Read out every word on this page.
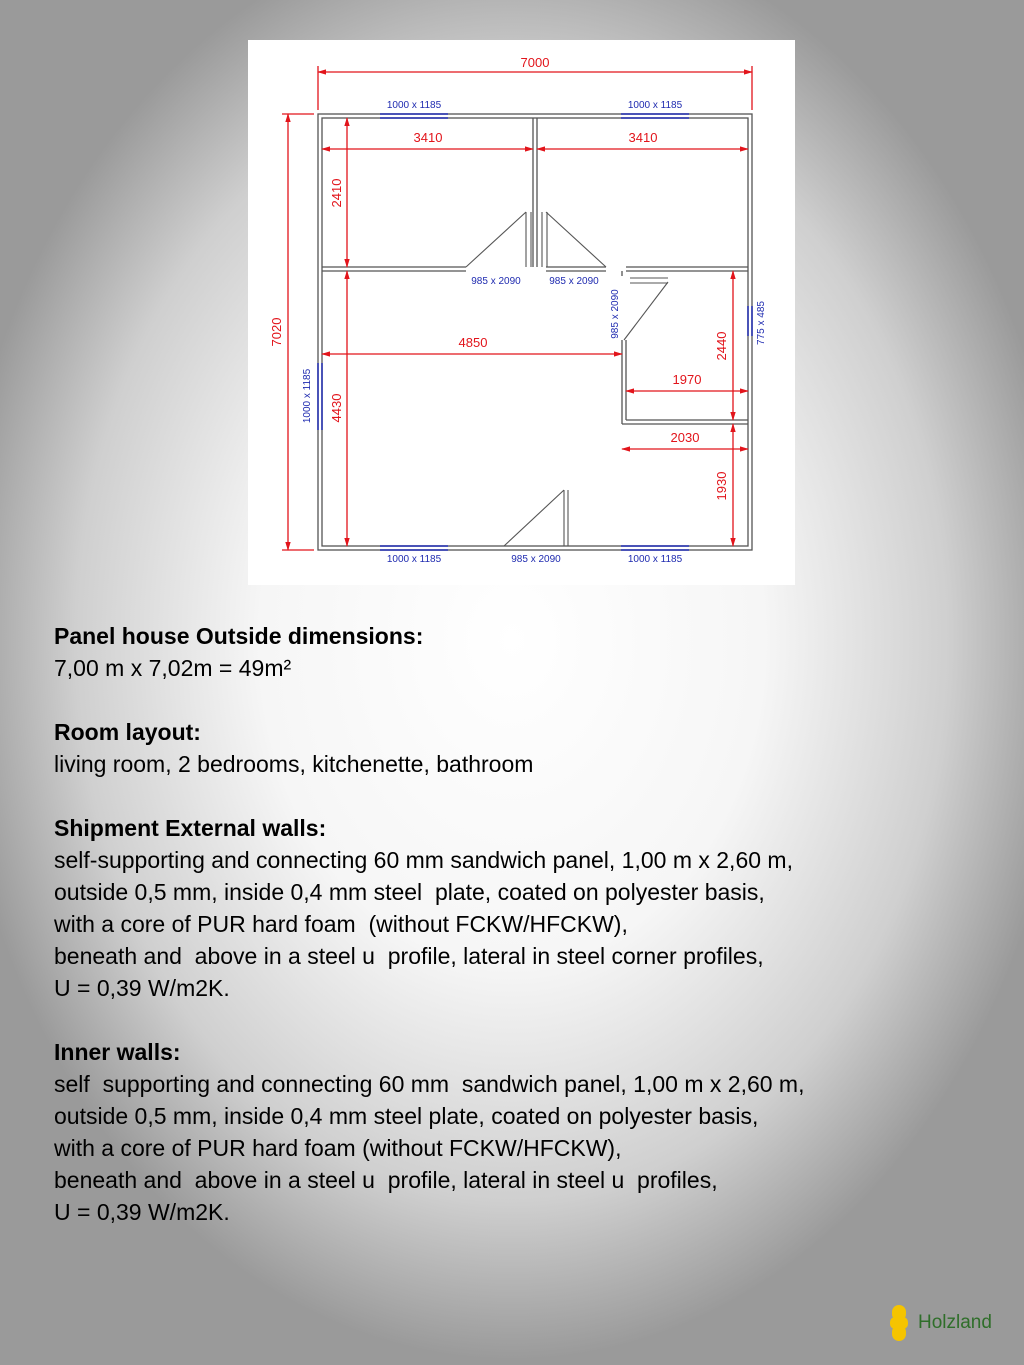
7000
7020
3410	3410
2410
4850
4430
2440
1970
2030
1930
1000 x 1185	1000 x 1185
1000 x 1185
775 x 485
1000 x 1185	1000 x 1185
985 x 2090	985 x 2090
985 x 2090
985 x 2090
Panel house Outside dimensions:
7,00 m x 7,02m = 49m²
Room layout:
living room, 2 bedrooms, kitchenette, bathroom
Shipment External walls:
self-supporting and connecting 60 mm sandwich panel, 1,00 m x 2,60 m,
outside 0,5 mm, inside 0,4 mm steel  plate, coated on polyester basis,
with a core of PUR hard foam  (without FCKW/HFCKW),
beneath and  above in a steel u  profile, lateral in steel corner profiles,
U = 0,39 W/m2K.
Inner walls:
self  supporting and connecting 60 mm  sandwich panel, 1,00 m x 2,60 m,
outside 0,5 mm, inside 0,4 mm steel plate, coated on polyester basis,
with a core of PUR hard foam (without FCKW/HFCKW),
beneath and  above in a steel u  profile, lateral in steel u  profiles,
U = 0,39 W/m2K.
Holzland
